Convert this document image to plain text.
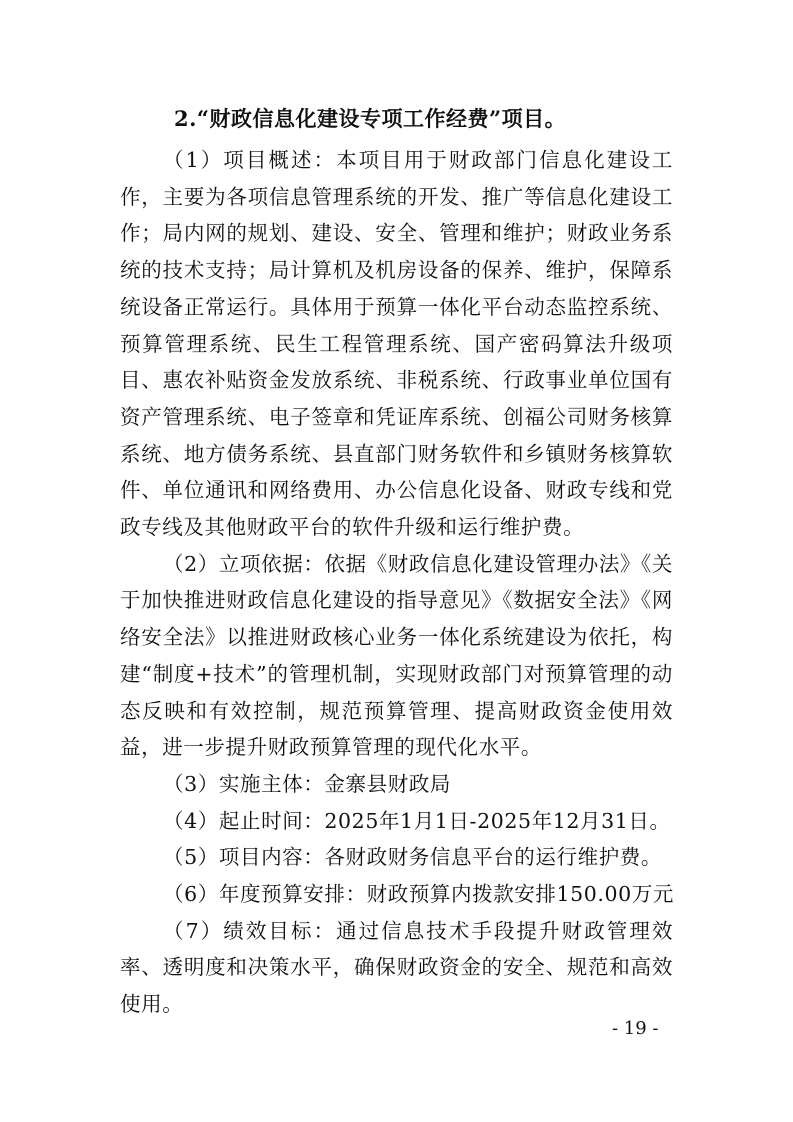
2.“财政信息化建设专项工作经费”项目。

（1）项目概述：本项目用于财政部门信息化建设工作，主要为各项信息管理系统的开发、推广等信息化建设工作；局内网的规划、建设、安全、管理和维护；财政业务系统的技术支持；局计算机及机房设备的保养、维护，保障系统设备正常运行。具体用于预算一体化平台动态监控系统、预算管理系统、民生工程管理系统、国产密码算法升级项目、惠农补贴资金发放系统、非税系统、行政事业单位国有资产管理系统、电子签章和凭证库系统、创福公司财务核算系统、地方债务系统、县直部门财务软件和乡镇财务核算软件、单位通讯和网络费用、办公信息化设备、财政专线和党政专线及其他财政平台的软件升级和运行维护费。

（2）立项依据：依据《财政信息化建设管理办法》《关于加快推进财政信息化建设的指导意见》《数据安全法》《网络安全法》以推进财政核心业务一体化系统建设为依托，构建“制度+技术”的管理机制，实现财政部门对预算管理的动态反映和有效控制，规范预算管理、提高财政资金使用效益，进一步提升财政预算管理的现代化水平。

（3）实施主体：金寨县财政局

（4）起止时间：2025年1月1日-2025年12月31日。

（5）项目内容：各财政财务信息平台的运行维护费。

（6）年度预算安排：财政预算内拨款安排150.00万元

（7）绩效目标：通过信息技术手段提升财政管理效率、透明度和决策水平，确保财政资金的安全、规范和高效使用。

- 19 -
